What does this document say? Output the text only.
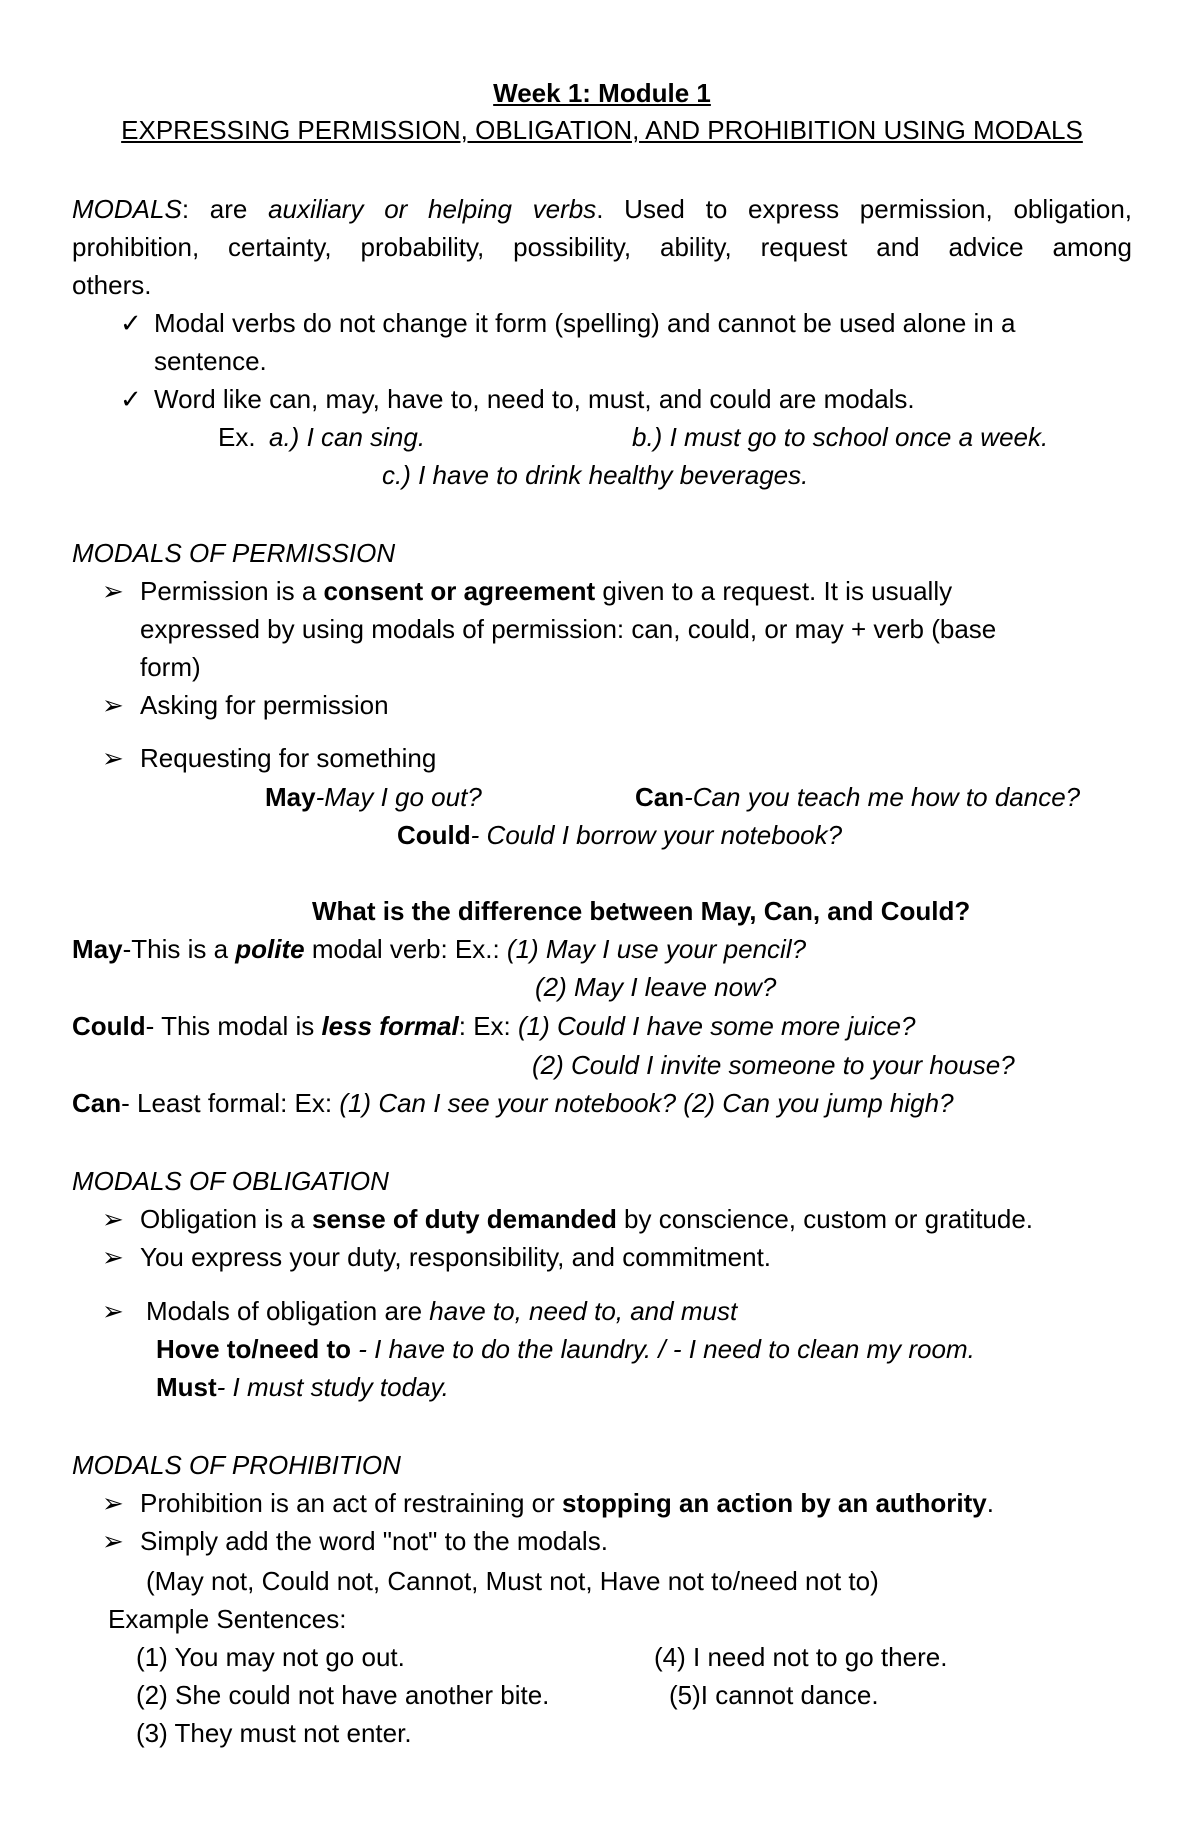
Week 1: Module 1
EXPRESSING PERMISSION, OBLIGATION, AND PROHIBITION USING MODALS
MODALS: are auxiliary or helping verbs. Used to express permission, obligation,
prohibition, certainty, probability, possibility, ability, request and advice among
others.
✓ Modal verbs do not change it form (spelling) and cannot be used alone in a
sentence.
✓ Word like can, may, have to, need to, must, and could are modals.
Ex. a.) I can sing.	b.) I must go to school once a week.
c.) I have to drink healthy beverages.
MODALS OF PERMISSION
➢ Permission is a consent or agreement given to a request. It is usually
expressed by using modals of permission: can, could, or may + verb (base
form)
➢ Asking for permission
➢ Requesting for something
May-May I go out?	Can-Can you teach me how to dance?
Could- Could I borrow your notebook?
What is the difference between May, Can, and Could?
May-This is a polite modal verb: Ex.: (1) May I use your pencil?
(2) May I leave now?
Could- This modal is less formal: Ex: (1) Could I have some more juice?
(2) Could I invite someone to your house?
Can- Least formal: Ex: (1) Can I see your notebook? (2) Can you jump high?
MODALS OF OBLIGATION
➢ Obligation is a sense of duty demanded by conscience, custom or gratitude.
➢ You express your duty, responsibility, and commitment.
➢ Modals of obligation are have to, need to, and must
Hove to/need to - I have to do the laundry. / - I need to clean my room.
Must- I must study today.
MODALS OF PROHIBITION
➢ Prohibition is an act of restraining or stopping an action by an authority.
➢ Simply add the word "not" to the modals.
(May not, Could not, Cannot, Must not, Have not to/need not to)
Example Sentences:
(1) You may not go out.	(4) I need not to go there.
(2) She could not have another bite.	(5)I cannot dance.
(3) They must not enter.
